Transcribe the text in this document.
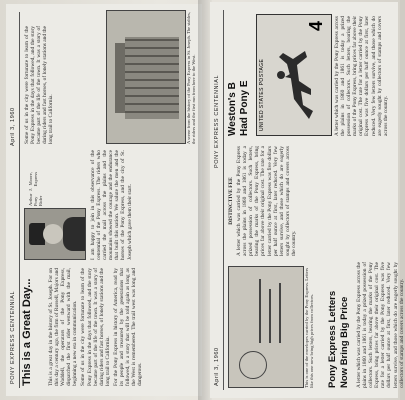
PONY EXPRESS CENTENNIAL
April 3, 1960
This is a Great Day...	This is a great day in the history of St. Joseph. For on this day a century ago, the firm of Russell, Majors and Waddell, the operators of the Pony Express, dispatched the first rider westward with the mail, beginning a new era in communication. Some of us in the city were fortunate to learn of the Pony Express in the days that followed, and the story became part of the life of the town. It was a story of daring riders and fast horses, of lonely stations and the long trail to California. For the Pony Express in history of America, read by its people and treasured by the generations that followed, is a story that will be told again as long as the West is remembered. The trail west was long and dangerous.

Arthur J. Moore, Pony Express Rider	I am happy to join in this observance of the centennial of the Pony Express. The riders who carried the mail across the plains and the mountains showed the courage and the endurance that built this nation. We salute the men and the horses of the Pony Express, and the city of St. Joseph which gave them their start.
Some of us in the city were fortunate to learn of the Pony Express in the days that followed, and the story became part of the life of the town. It was a story of daring riders and fast horses, of lonely stations and the long trail to California.	A scene from the history of the Pony Express in St. Joseph. The stables, the riders and the first run from here to the West.
April 3, 1960
PONY EXPRESS CENTENNIAL
This is one of the envelopes carried by the Pony Express. Letters like this one now bring high prices from collectors. Pony Express Letters Now Bring Big Price A letter which was carried by the Pony Express across the plains in 1860 and 1861 is today a prized possession of collectors. Such letters, bearing the marks of the Pony Express, bring prices far above their original cost. The rate for a letter carried by the Pony Express was five dollars per half ounce at first, later reduced. Very few letters survive, and those which do are eagerly sought by collectors of stamps and covers across the country.

DISTINCTIVE FEE A letter which was carried by the Pony Express across the plains in 1860 and 1861 is today a prized possession of collectors. Such letters, bearing the marks of the Pony Express, bring prices far above their original cost. The rate for a letter carried by the Pony Express was five dollars per half ounce at first, later reduced. Very few letters survive, and those which do are eagerly sought by collectors of stamps and covers across the country.

Weston's B Had Pony E UNITED STATES POSTAGE
4 A letter which was carried by the Pony Express across the plains in 1860 and 1861 is today a prized possession of collectors. Such letters, bearing the marks of the Pony Express, bring prices far above their original cost. The rate for a letter carried by the Pony Express was five dollars per half ounce at first, later reduced. Very few letters survive, and those which do are eagerly sought by collectors of stamps and covers across the country.
